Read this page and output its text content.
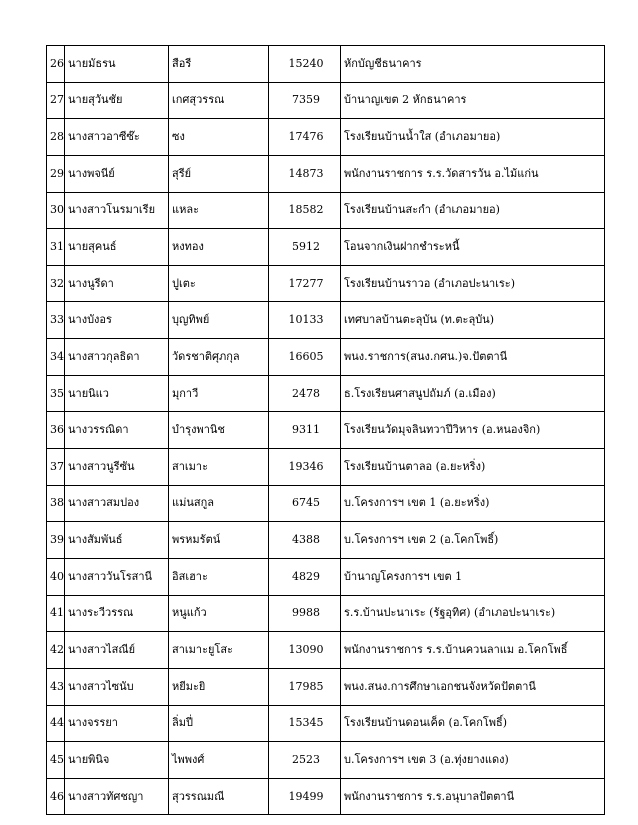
26	นายมัธรน	สือรี	15240	หักบัญชีธนาคาร
27	นายสุวันชัย	เกศสุวรรณ	7359	บ้านาญเขต 2 หักธนาคาร
28	นางสาวอาซีซ๊ะ	ซง	17476	โรงเรียนบ้านน้ำใส (อำเภอมายอ)
29	นางพจนีย์	สุรีย์	14873	พนักงานราชการ ร.ร.วัดสารวัน อ.ไม้แก่น
30	นางสาวโนรมาเรีย	แหละ	18582	โรงเรียนบ้านสะกำ (อำเภอมายอ)
31	นายสุคนธ์	หงทอง	5912	โอนจากเงินฝากชำระหนี้
32	นางนูรีดา	ปูเตะ	17277	โรงเรียนบ้านราวอ (อำเภอปะนาเระ)
33	นางบังอร	บุญทิพย์	10133	เทศบาลบ้านตะลุบัน (ท.ตะลุบัน)
34	นางสาวกุลธิดา	วัดรชาติศุภกุล	16605	พนง.ราชการ(สนง.กศน.)จ.ปัตตานี
35	นายนิแว	มุกาวี	2478	ธ.โรงเรียนศาสนูปถัมภ์ (อ.เมือง)
36	นางวรรณิดา	บำรุงพานิช	9311	โรงเรียนวัดมุจลินทวาปีวิหาร (อ.หนองจิก)
37	นางสาวนูรีซัน	สาเมาะ	19346	โรงเรียนบ้านตาลอ (อ.ยะหริ่ง)
38	นางสาวสมปอง	แม่นสกูล	6745	บ.โครงการฯ เขต 1 (อ.ยะหริ่ง)
39	นางสัมพันธ์	พรหมรัตน์	4388	บ.โครงการฯ เขต 2 (อ.โคกโพธิ์)
40	นางสาววันโรสานี	อิสเฮาะ	4829	บ้านาญโครงการฯ เขต 1
41	นางระวีวรรณ	หนูแก้ว	9988	ร.ร.บ้านปะนาเระ (รัฐอุทิศ) (อำเภอปะนาเระ)
42	นางสาวไสณีย์	สาเมาะยูโสะ	13090	พนักงานราชการ ร.ร.บ้านควนลาแม อ.โคกโพธิ์
43	นางสาวไซนับ	หยีมะยิ	17985	พนง.สนง.การศึกษาเอกชนจังหวัดปัตตานี
44	นางจรรยา	ลิ่มปี่	15345	โรงเรียนบ้านดอนเค็ด (อ.โคกโพธิ์)
45	นายพินิจ	ไพพงศ์	2523	บ.โครงการฯ เขต 3 (อ.ทุ่งยางแดง)
46	นางสาวทัศชญา	สุวรรณมณี	19499	พนักงานราชการ ร.ร.อนุบาลปัตตานี
